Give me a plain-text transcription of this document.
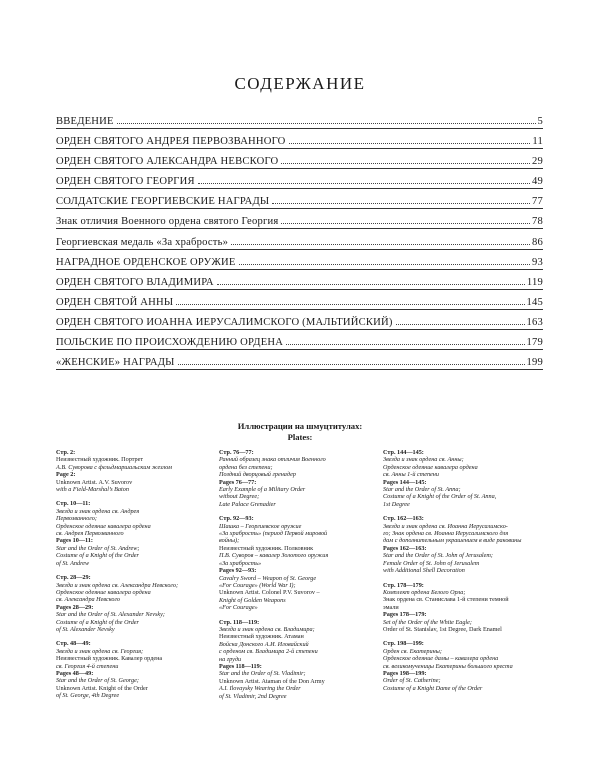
СОДЕРЖАНИЕ
ВВЕДЕНИЕ	5
ОРДЕН СВЯТОГО АНДРЕЯ ПЕРВОЗВАННОГО	11
ОРДЕН СВЯТОГО АЛЕКСАНДРА НЕВСКОГО	29
ОРДЕН СВЯТОГО ГЕОРГИЯ	49
СОЛДАТСКИЕ ГЕОРГИЕВСКИЕ НАГРАДЫ	77
Знак отличия Военного ордена святого Георгия	78
Георгиевская медаль «За храбрость»	86
НАГРАДНОЕ ОРДЕНСКОЕ ОРУЖИЕ	93
ОРДЕН СВЯТОГО ВЛАДИМИРА	119
ОРДЕН СВЯТОЙ АННЫ	145
ОРДЕН СВЯТОГО ИОАННА ИЕРУСАЛИМСКОГО (МАЛЬТИЙСКИЙ)	163
ПОЛЬСКИЕ ПО ПРОИСХОЖДЕНИЮ ОРДЕНА	179
«ЖЕНСКИЕ» НАГРАДЫ	199
Иллюстрации на шмуцтитулах:
Plates:
Стр. 2:
Неизвестный художник. Портрет
А.В. Суворова с фельдмаршальским жезлом
Page 2:
Unknown Artist. A.V. Suvorov
with a Field-Marshal’s Baton
Стр. 10—11:
Звезда и знак ордена св. Андрея
Первозванного;
Орденское одеяние кавалера ордена
св. Андрея Первозванного
Pages 10—11:
Star and the Order of St. Andrew;
Costume of a Knight of the Order
of St. Andrew
Стр. 28—29:
Звезда и знак ордена св. Александра Невского;
Орденское одеяние кавалера ордена
св. Александра Невского
Pages 28—29:
Star and the Order of St. Alexander Nevsky;
Costume of a Knight of the Order
of St. Alexander Nevsky
Стр. 48—49:
Звезда и знак ордена св. Георгия;
Неизвестный художник. Кавалер ордена
св. Георгия 4-й степени
Pages 48—49:
Star and the Order of St. George;
Unknown Artist. Knight of the Order
of St. George, 4th Degree
Стр. 76—77:
Ранний образец знака отличия Военного
ордена без степени;
Поздний дворцовый гренадер
Pages 76—77:
Early Example of a Military Order
without Degree;
Late Palace Grenadier
Стр. 92—93:
Шашка – Георгиевское оружие
«За храбрость» (период Первой мировой
войны);
Неизвестный художник. Полковник
П.В. Суворов – кавалер Золотого оружия
«За храбрость»
Pages 92—93:
Cavalry Sword – Weapon of St. George
«For Courage» (World War I);
Unknown Artist. Colonel P.V. Suvorov –
Knight of Golden Weapons
«For Courage»
Стр. 118—119:
Звезда и знак ордена св. Владимира;
Неизвестный художник. Атаман
Войска Донского А.И. Иловайский
с орденом св. Владимира 2-й степени
на груди
Pages 118—119:
Star and the Order of St. Vladimir;
Unknown Artist. Ataman of the Don Army
A.I. Ilovaysky Wearing the Order
of St. Vladimir, 2nd Degree
Стр. 144—145:
Звезда и знак ордена св. Анны;
Орденское одеяние кавалера ордена
св. Анны 1-й степени
Pages 144—145:
Star and the Order of St. Anna;
Costume of a Knight of the Order of St. Anna,
1st Degree
Стр. 162—163:
Звезда и знак ордена св. Иоанна Иерусалимско-
го; Знак ордена св. Иоанна Иерусалимского для
дам с дополнительным украшением в виде раковины
Pages 162—163:
Star and the Order of St. John of Jerusalem;
Female Order of St. John of Jerusalem
with Additional Shell Decoration
Стр. 178—179:
Комплект ордена Белого Орла;
Знак ордена св. Станислава 1-й степени темной
эмали
Pages 178—179:
Set of the Order of the White Eagle;
Order of St. Stanislav, 1st Degree, Dark Enamel
Стр. 198—199:
Орден св. Екатерины;
Орденское одеяние дамы – кавалера ордена
св. великомученицы Екатерины большого креста
Pages 198—199:
Order of St. Catherine;
Costume of a Knight Dame of the Order
